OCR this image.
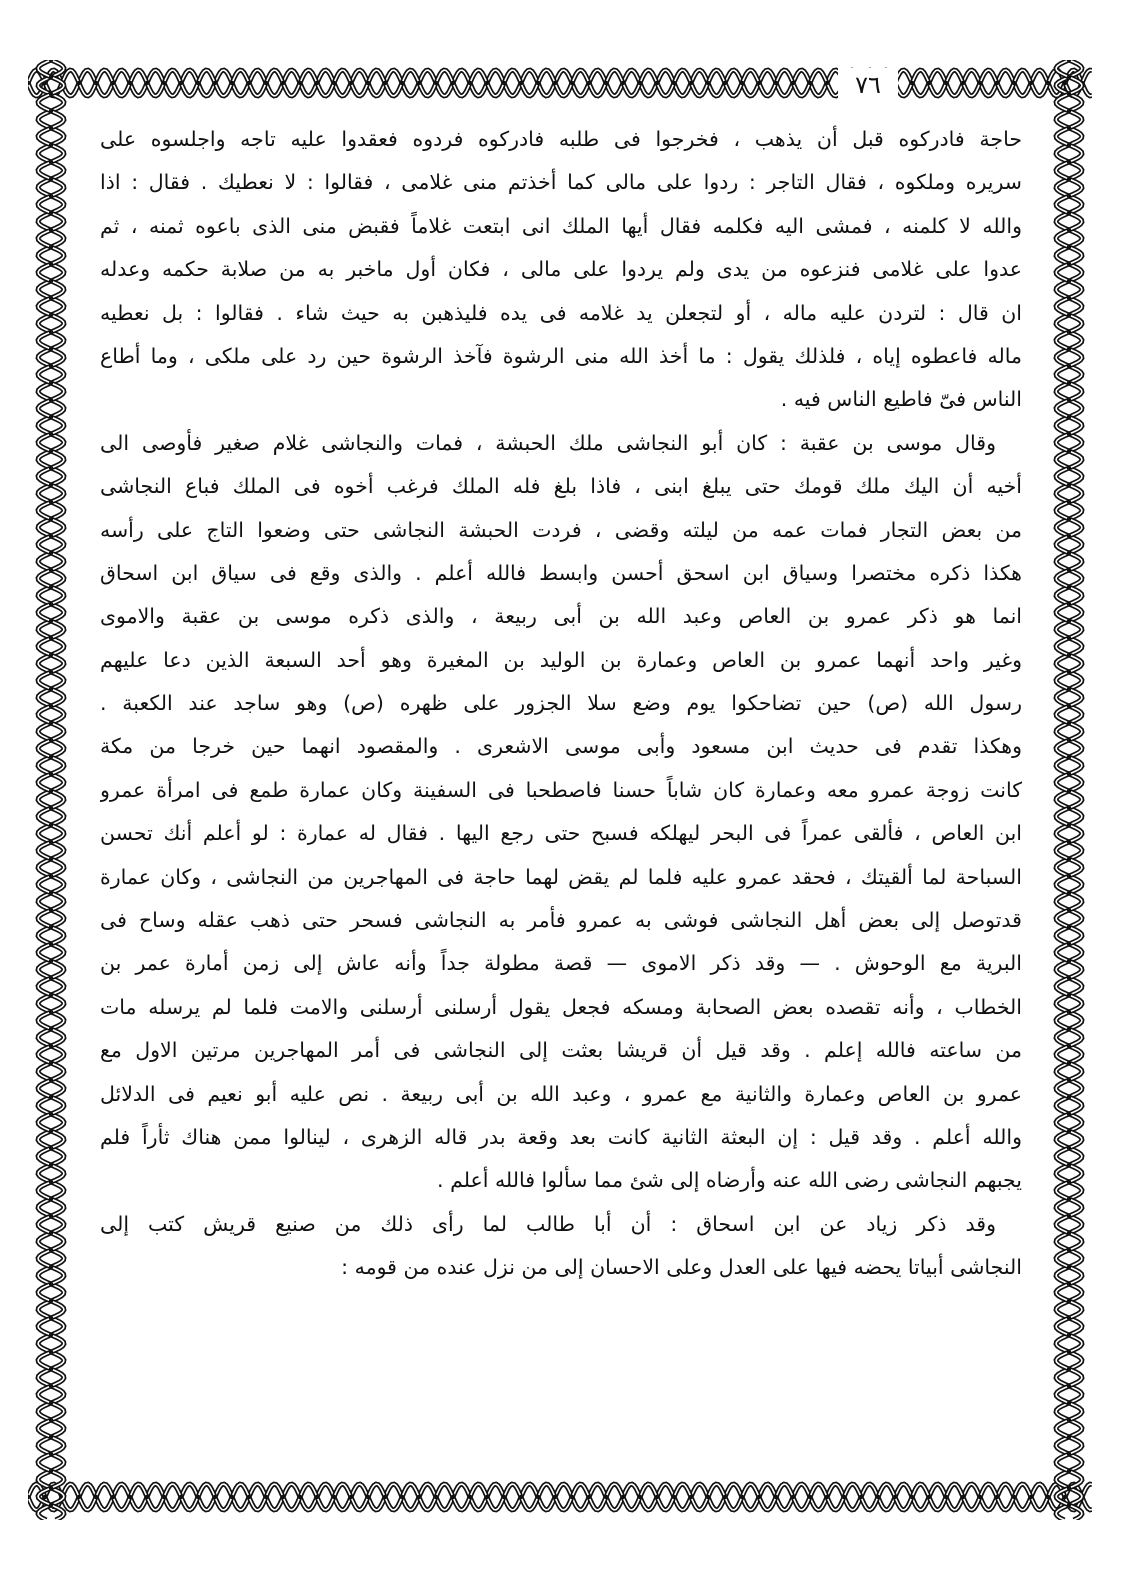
٧٦
حاجة فادركوه قبل أن يذهب ، فخرجوا فى طلبه فادركوه فردوه فعقدوا عليه تاجه واجلسوه على
سريره وملكوه ، فقال التاجر : ردوا على مالى كما أخذتم منى غلامى ، فقالوا : لا نعطيك . فقال : اذا
والله لا كلمنه ، فمشى اليه فكلمه فقال أيها الملك انى ابتعت غلاماً فقبض منى الذى باعوه ثمنه ، ثم
عدوا على غلامى فنزعوه من يدى ولم يردوا على مالى ، فكان أول ماخبر به من صلابة حكمه وعدله
ان قال : لتردن عليه ماله ، أو لتجعلن يد غلامه فى يده فليذهبن به حيث شاء . فقالوا : بل نعطيه
ماله فاعطوه إياه ، فلذلك يقول : ما أخذ الله منى الرشوة فآخذ الرشوة حين رد على ملكى ، وما أطاع
الناس فىّ فاطيع الناس فيه .
وقال موسى بن عقبة : كان أبو النجاشى ملك الحبشة ، فمات والنجاشى غلام صغير فأوصى الى
أخيه أن اليك ملك قومك حتى يبلغ ابنى ، فاذا بلغ فله الملك فرغب أخوه فى الملك فباع النجاشى
من بعض التجار فمات عمه من ليلته وقضى ، فردت الحبشة النجاشى حتى وضعوا التاج على رأسه
هكذا ذكره مختصرا وسياق ابن اسحق أحسن وابسط فالله أعلم . والذى وقع فى سياق ابن اسحاق
انما هو ذكر عمرو بن العاص وعبد الله بن أبى ربيعة ، والذى ذكره موسى بن عقبة والاموى
وغير واحد أنهما عمرو بن العاص وعمارة بن الوليد بن المغيرة وهو أحد السبعة الذين دعا عليهم
رسول الله (ص) حين تضاحكوا يوم وضع سلا الجزور على ظهره (ص) وهو ساجد عند الكعبة .
وهكذا تقدم فى حديث ابن مسعود وأبى موسى الاشعرى . والمقصود انهما حين خرجا من مكة
كانت زوجة عمرو معه وعمارة كان شاباً حسنا فاصطحبا فى السفينة وكان عمارة طمع فى امرأة عمرو
ابن العاص ، فألقى عمراً فى البحر ليهلكه فسبح حتى رجع اليها . فقال له عمارة : لو أعلم أنك تحسن
السباحة لما ألقيتك ، فحقد عمرو عليه فلما لم يقض لهما حاجة فى المهاجرين من النجاشى ، وكان عمارة
قدتوصل إلى بعض أهل النجاشى فوشى به عمرو فأمر به النجاشى فسحر حتى ذهب عقله وساح فى
البرية مع الوحوش . — وقد ذكر الاموى — قصة مطولة جداً وأنه عاش إلى زمن أمارة عمر بن
الخطاب ، وأنه تقصده بعض الصحابة ومسكه فجعل يقول أرسلنى أرسلنى والامت فلما لم يرسله مات
من ساعته فالله إعلم . وقد قيل أن قريشا بعثت إلى النجاشى فى أمر المهاجرين مرتين الاول مع
عمرو بن العاص وعمارة والثانية مع عمرو ، وعبد الله بن أبى ربيعة . نص عليه أبو نعيم فى الدلائل
والله أعلم . وقد قيل : إن البعثة الثانية كانت بعد وقعة بدر قاله الزهرى ، لينالوا ممن هناك ثأراً فلم
يجبهم النجاشى رضى الله عنه وأرضاه إلى شئ مما سألوا فالله أعلم .
وقد ذكر زياد عن ابن اسحاق : أن أبا طالب لما رأى ذلك من صنيع قريش كتب إلى
النجاشى أبياتا يحضه فيها على العدل وعلى الاحسان إلى من نزل عنده من قومه :
